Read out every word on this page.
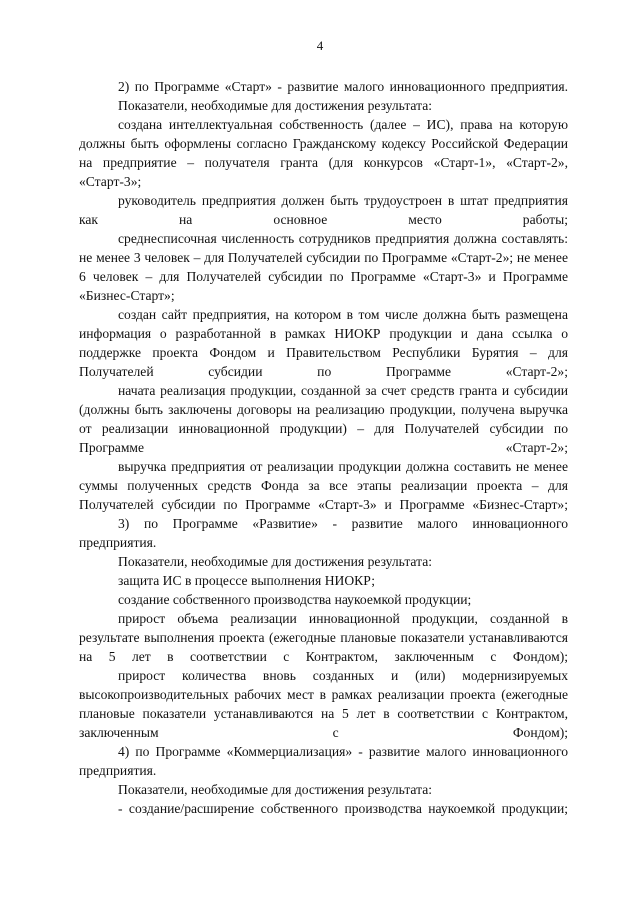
4

2) по Программе «Старт» - развитие малого инновационного предприятия.

Показатели, необходимые для достижения результата:

создана интеллектуальная собственность (далее – ИС), права на которую должны быть оформлены согласно Гражданскому кодексу Российской Федерации на предприятие – получателя гранта (для конкурсов «Старт-1», «Старт-2», «Старт-3»;

руководитель предприятия должен быть трудоустроен в штат предприятия как на основное место работы;

среднесписочная численность сотрудников предприятия должна составлять: не менее 3 человек – для Получателей субсидии по Программе «Старт-2»; не менее 6 человек – для Получателей субсидии по Программе «Старт-3» и Программе «Бизнес-Старт»;

создан сайт предприятия, на котором в том числе должна быть размещена информация о разработанной в рамках НИОКР продукции и дана ссылка о поддержке проекта Фондом и Правительством Республики Бурятия – для Получателей субсидии по Программе «Старт-2»;

начата реализация продукции, созданной за счет средств гранта и субсидии (должны быть заключены договоры на реализацию продукции, получена выручка от реализации инновационной продукции) – для Получателей субсидии по Программе «Старт-2»;

выручка предприятия от реализации продукции должна составить не менее суммы полученных средств Фонда за все этапы реализации проекта – для Получателей субсидии по Программе «Старт-3» и Программе «Бизнес-Старт»;

3) по Программе «Развитие» - развитие малого инновационного предприятия.

Показатели, необходимые для достижения результата:

защита ИС в процессе выполнения НИОКР;

создание собственного производства наукоемкой продукции;

прирост объема реализации инновационной продукции, созданной в результате выполнения проекта (ежегодные плановые показатели устанавливаются на 5 лет в соответствии с Контрактом, заключенным с Фондом);

прирост количества вновь созданных и (или) модернизируемых высокопроизводительных рабочих мест в рамках реализации проекта (ежегодные плановые показатели устанавливаются на 5 лет в соответствии с Контрактом, заключенным с Фондом);

4) по Программе «Коммерциализация» - развитие малого инновационного предприятия.

Показатели, необходимые для достижения результата:

- создание/расширение собственного производства наукоемкой продукции;
